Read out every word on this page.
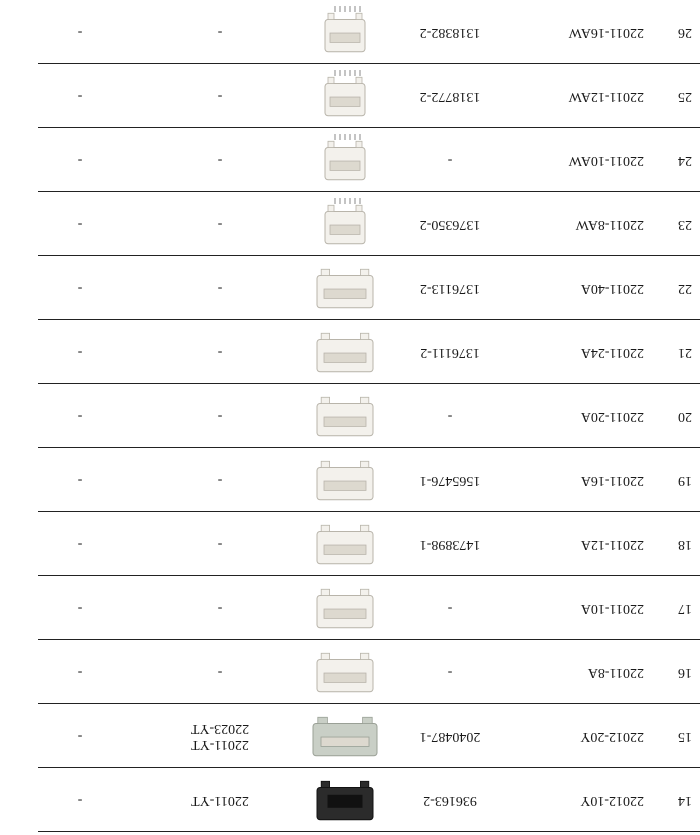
14
22012-10Y
936163-2
22011-YT
-
15
22012-20Y
2040487-1
22011-YT
22023-YT
-
16
22011-8A
-
-
-
17
22011-10A
-
-
-
18
22011-12A
1473898-1
-
-
19
22011-16A
1565476-1
-
-
20
22011-20A
-
-
-
21
22011-24A
1376111-2
-
-
22
22011-40A
1376113-2
-
-
23
22011-8AW
1376350-2
-
-
24
22011-10AW
-
-
-
25
22011-12AW
1318772-2
-
-
26
22011-16AW
1318382-2
-
-
